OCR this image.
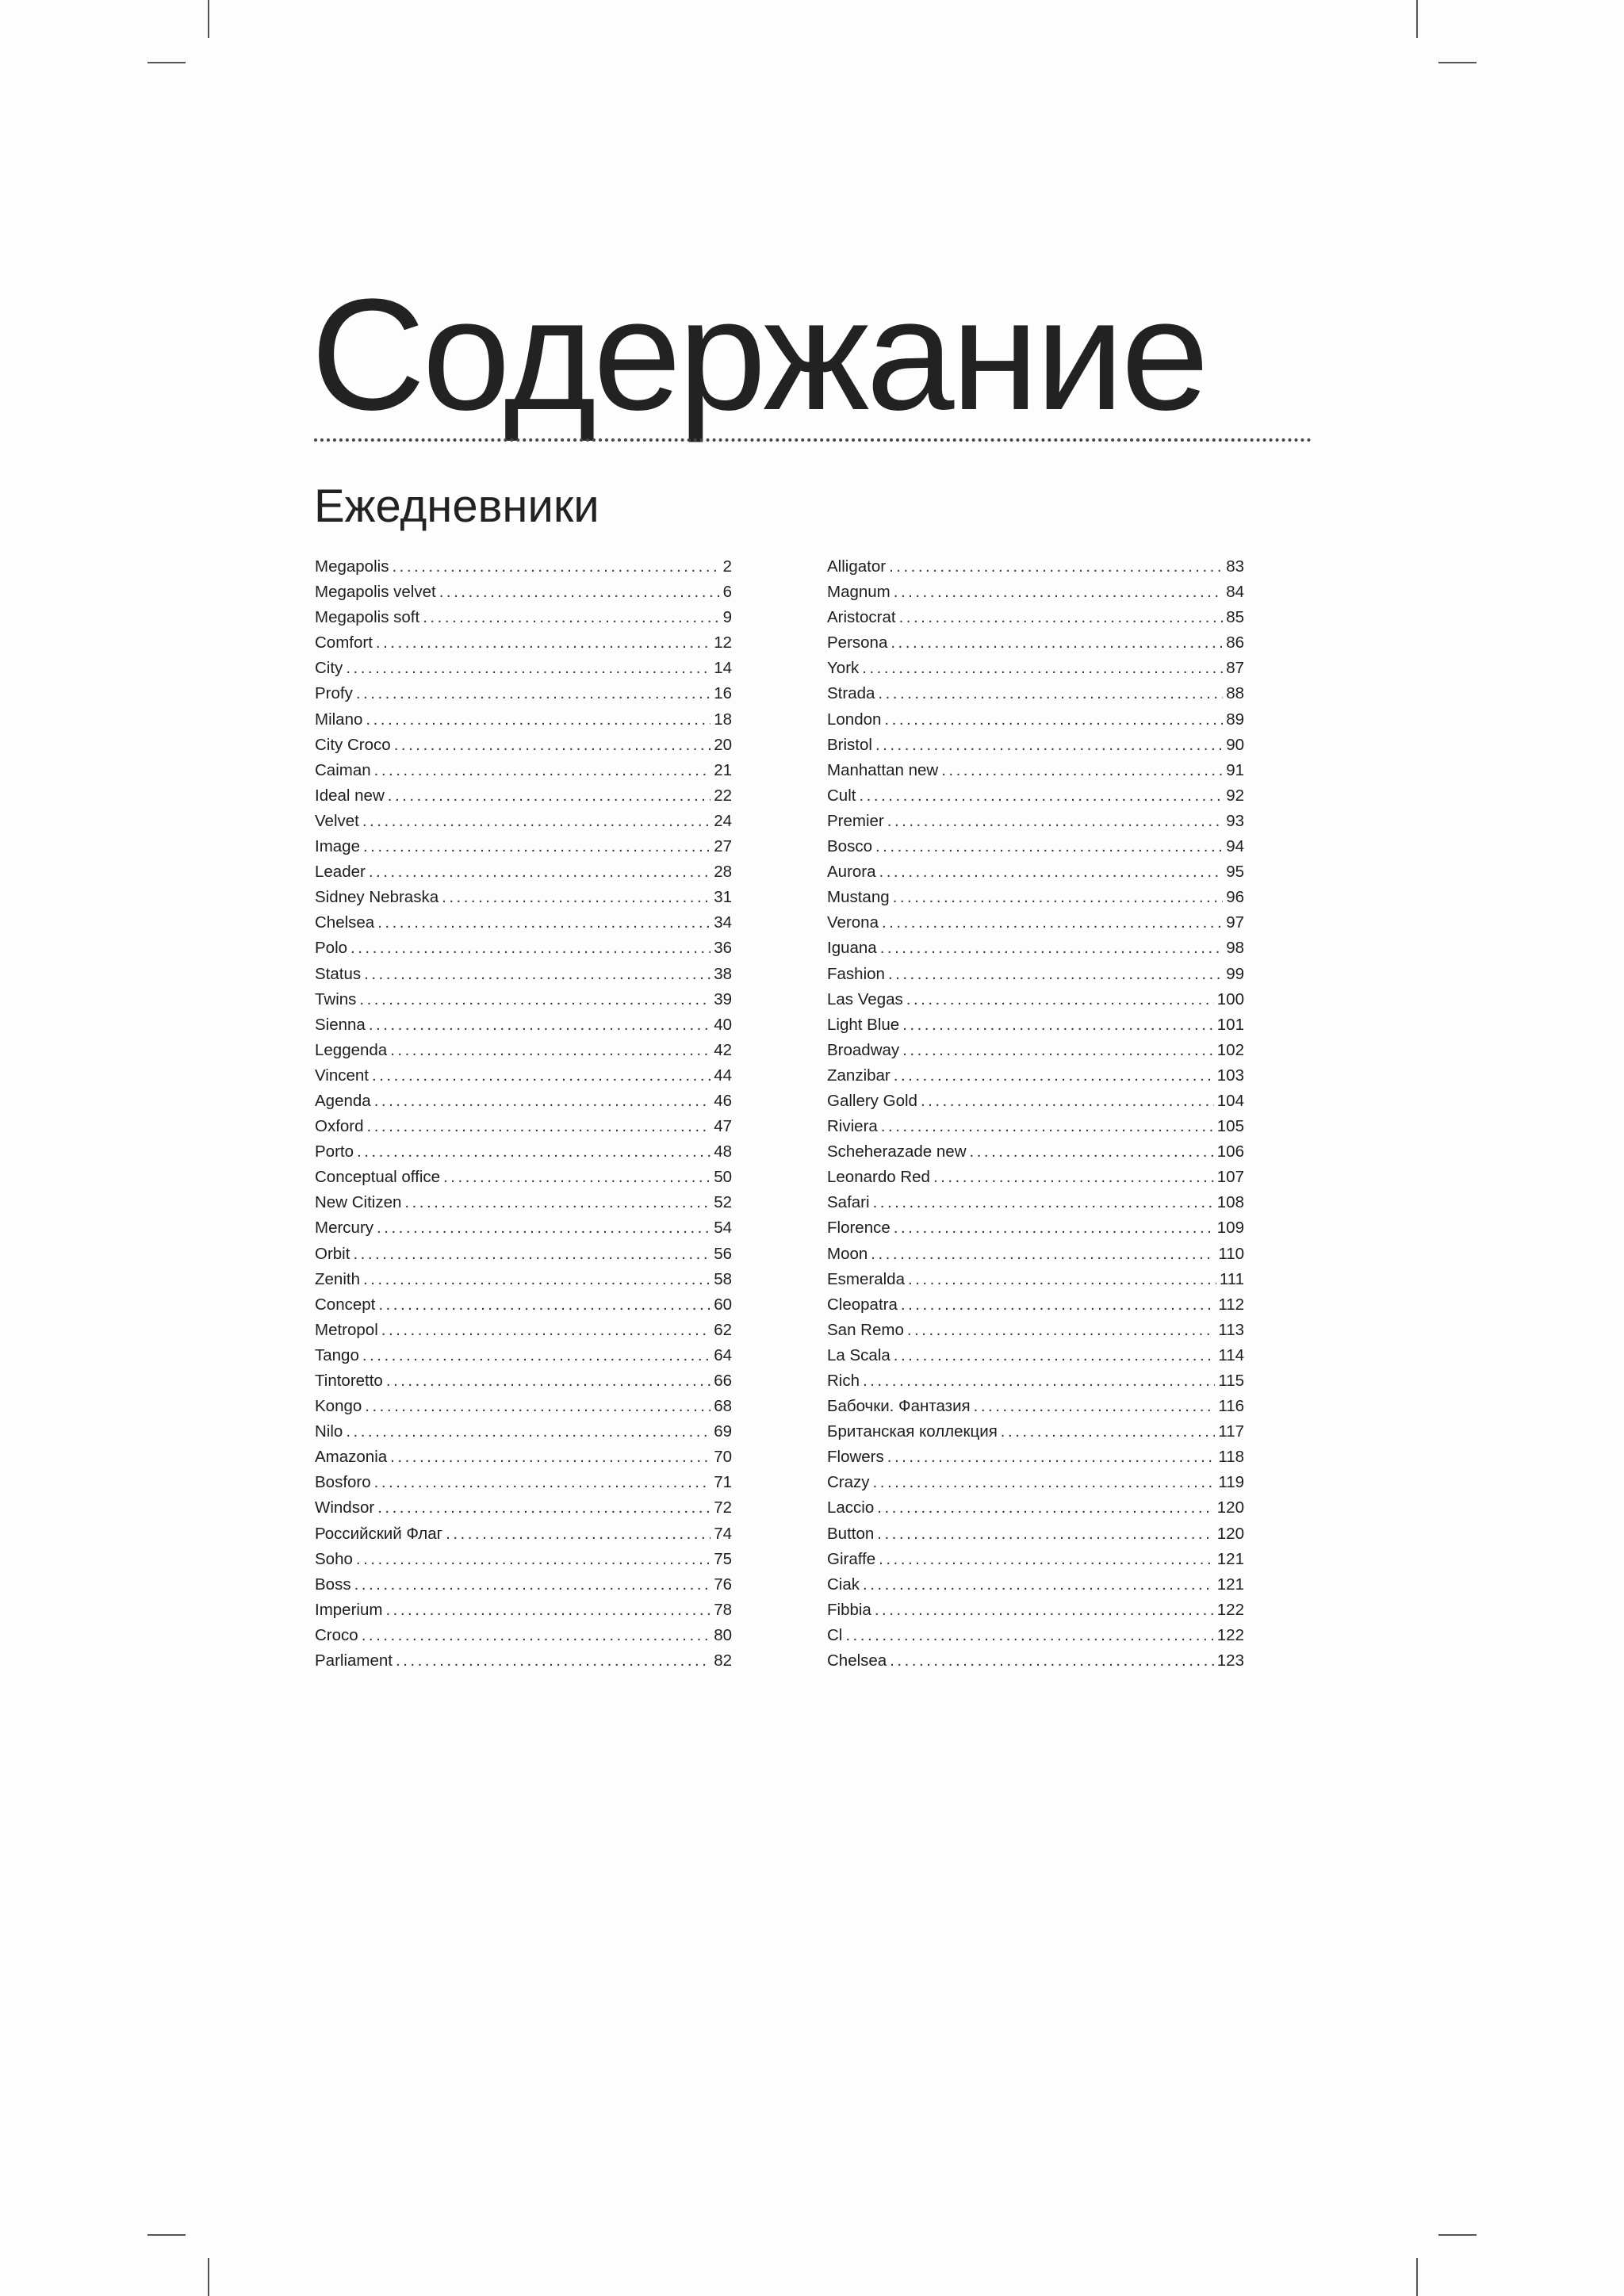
Содержание
Ежедневники
Megapolis .....	2
Megapolis velvet .....	6
Megapolis soft .....	9
Comfort .....	12
City .....	14
Profy .....	16
Milano .....	18
City Croco .....	20
Caiman .....	21
Ideal new .....	22
Velvet .....	24
Image .....	27
Leader .....	28
Sidney Nebraska .....	31
Chelsea .....	34
Polo .....	36
Status .....	38
Twins .....	39
Sienna .....	40
Leggenda .....	42
Vincent .....	44
Agenda .....	46
Oxford .....	47
Porto .....	48
Conceptual office .....	50
New Citizen .....	52
Mercury .....	54
Orbit .....	56
Zenith .....	58
Concept .....	60
Metropol .....	62
Tango .....	64
Tintoretto .....	66
Kongo .....	68
Nilo .....	69
Amazonia .....	70
Bosforo .....	71
Windsor .....	72
Российский Флаг .....	74
Soho .....	75
Boss .....	76
Imperium .....	78
Croco .....	80
Parliament .....	82
Alligator .....	83
Magnum .....	84
Aristocrat .....	85
Persona .....	86
York .....	87
Strada .....	88
London .....	89
Bristol .....	90
Manhattan new .....	91
Cult .....	92
Premier .....	93
Bosco .....	94
Aurora .....	95
Mustang .....	96
Verona .....	97
Iguana .....	98
Fashion .....	99
Las Vegas .....	100
Light Blue .....	101
Broadway .....	102
Zanzibar .....	103
Gallery Gold .....	104
Riviera .....	105
Scheherazade new .....	106
Leonardo Red .....	107
Safari .....	108
Florence .....	109
Moon .....	110
Esmeralda .....	111
Cleopatra .....	112
San Remo .....	113
La Scala .....	114
Rich .....	115
Бабочки. Фантазия .....	116
Британская коллекция .....	117
Flowers .....	118
Crazy .....	119
Laccio .....	120
Button .....	120
Giraffe .....	121
Ciak .....	121
Fibbia .....	122
Cl .....	122
Chelsea .....	123
